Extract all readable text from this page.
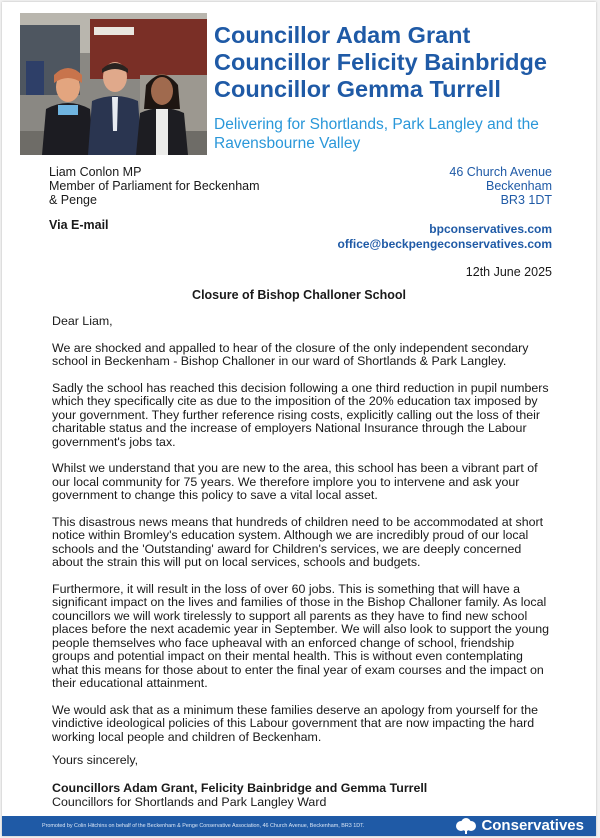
Councillor Adam Grant
Councillor Felicity Bainbridge
Councillor Gemma Turrell

Delivering for Shortlands, Park Langley and the Ravensbourne Valley

Liam Conlon MP
Member of Parliament for Beckenham
& Penge
46 Church Avenue
Beckenham
BR3 1DT
Via E-mail	bpconservatives.com
office@beckpengeconservatives.com
12th June 2025
Closure of Bishop Challoner School

Dear Liam,

We are shocked and appalled to hear of the closure of the only independent secondary school in Beckenham - Bishop Challoner in our ward of Shortlands & Park Langley.

Sadly the school has reached this decision following a one third reduction in pupil numbers which they specifically cite as due to the imposition of the 20% education tax imposed by your government. They further reference rising costs, explicitly calling out the loss of their charitable status and the increase of employers National Insurance through the Labour government's jobs tax.

Whilst we understand that you are new to the area, this school has been a vibrant part of our local community for 75 years. We therefore implore you to intervene and ask your government to change this policy to save a vital local asset.

This disastrous news means that hundreds of children need to be accommodated at short notice within Bromley's education system. Although we are incredibly proud of our local schools and the 'Outstanding' award for Children's services, we are deeply concerned about the strain this will put on local services, schools and budgets.

Furthermore, it will result in the loss of over 60 jobs. This is something that will have a significant impact on the lives and families of those in the Bishop Challoner family. As local councillors we will work tirelessly to support all parents as they have to find new school places before the next academic year in September. We will also look to support the young people themselves who face upheaval with an enforced change of school, friendship groups and potential impact on their mental health. This is without even contemplating what this means for those about to enter the final year of exam courses and the impact on their educational attainment.

We would ask that as a minimum these families deserve an apology from yourself for the vindictive ideological policies of this Labour government that are now impacting the hard working local people and children of Beckenham.

Yours sincerely,
Councillors Adam Grant, Felicity Bainbridge and Gemma Turrell
Councillors for Shortlands and Park Langley Ward
Promoted by Colin Hitchins on behalf of the Beckenham & Penge Conservative Association, 46 Church Avenue, Beckenham, BR3 1DT.	Conservatives
